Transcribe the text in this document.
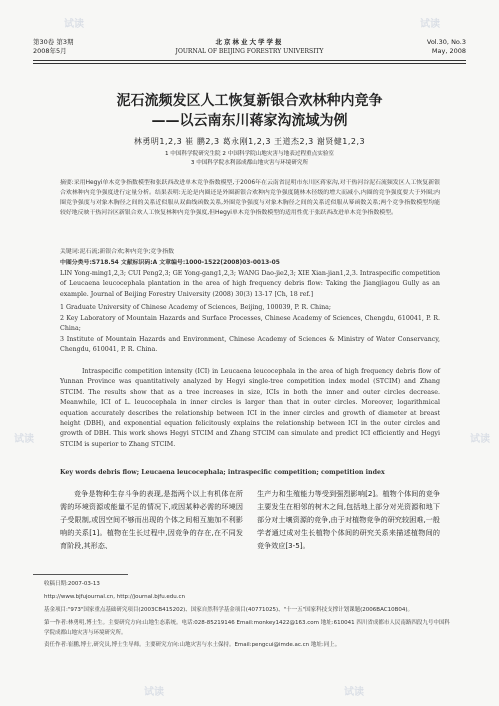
第30卷 第3期
2008年5月
北京林业大学学报
JOURNAL OF BEIJING FORESTRY UNIVERSITY
Vol.30, No.3
May, 2008
泥石流频发区人工恢复新银合欢林种内竞争
——以云南东川蒋家沟流域为例
林勇明1,2,3 崔 鹏2,3 葛永刚1,2,3 王道杰2,3 谢贤健1,2,3
1 中国科学院研究生院 2 中国科学院山地灾害与地表过程重点实验室
3 中国科学院水利部成都山地灾害与环境研究所
摘要:采用Hegyi单木竞争指数模型和张跃西改进单木竞争指数模型,于2006年在云南省昆明市东川区蒋家沟,对干热河谷泥石流频发区人工恢复新银合欢林种内竞争强度进行定量分析。结果表明:无论是内圈还是外圈新银合欢种内竞争强度随林木径级的增大而减小,内圈的竞争强度要大于外圈;内圈竞争强度与对象木胸径之间的关系近似服从双曲线函数关系,外圈竞争强度与对象木胸径之间的关系近似服从幂函数关系;两个竞争指数模型均能较好地反映干热河谷区新银合欢人工恢复林种内竞争强度,但Hegyi单木竞争指数模型的适用性优于张跃西改进单木竞争指数模型。
关键词:泥石流;新银合欢;种内竞争;竞争指数
中图分类号:S718.54 文献标识码:A 文章编号:1000-1522(2008)03-0013-05
LIN Yong-ming1,2,3; CUI Peng2,3; GE Yong-gang1,2,3; WANG Dao-jie2,3; XIE Xian-jian1,2,3. Intraspecific competition of Leucaena leucocephala plantation in the area of high frequency debris flow: Taking the Jiangjiagou Gully as an example. Journal of Beijing Forestry University (2008) 30(3) 13-17 [Ch, 18 ref.]
1 Graduate University of Chinese Academy of Sciences, Beijing, 100039, P. R. China;
2 Key Laboratory of Mountain Hazards and Surface Processes, Chinese Academy of Sciences, Chengdu, 610041, P. R. China;
3 Institute of Mountain Hazards and Environment, Chinese Academy of Sciences & Ministry of Water Conservancy, Chengdu, 610041, P. R. China.
Intraspecific competition intensity (ICI) in Leucaena leucocephala in the area of high frequency debris flow of Yunnan Province was quantitatively analyzed by Hegyi single-tree competition index model (STCIM) and Zhang STCIM. The results show that as a tree increases in size, ICIs in both the inner and outer circles decrease. Meanwhile, ICI of L. leucocephala in inner circles is larger than that in outer circles. Moreover, logarithmical equation accurately describes the relationship between ICI in the inner circles and growth of diameter at breast height (DBH), and exponential equation felicitously explains the relationship between ICI in the outer circles and growth of DBH. This work shows Hegyi STCIM and Zhang STCIM can simulate and predict ICI efficiently and Hegyi STCIM is superior to Zhang STCIM.
Key words debris flow; Leucaena leucocephala; intraspecific competition; competition index
竞争是物种生存斗争的表现,是指两个以上有机体在所需的环境资源或能量不足的情况下,或因某种必需的环境因子受限制,或因空间不够而出现的个体之间相互施加不利影响的关系[1]。植物在生长过程中,因竞争的存在,在不同发育阶段,其形态、
生产力和生殖能力等受到强烈影响[2]。植物个体间的竞争主要发生在相邻的树木之间,包括地上部分对光资源和地下部分对土壤资源的竞争,由于对植物竞争的研究较困难,一般学者通过成对生长植物个体间的研究关系来描述植物间的竞争效应[3-5]。
收稿日期:2007-03-13
http://www.bjfujournal.cn, http://journal.bjfu.edu.cn
基金项目:"973"国家重点基础研究项目(2003CB415202)、国家自然科学基金项目(40771025)、"十一五"国家科技支撑计划课题(2006BAC10B04)。
第一作者:林勇明,博士生。主要研究方向:山地生态系统。电话:028-85219146 Email:monkey1422@163.com 地址:610041 四川省成都市人民南路四段九号中国科学院成都山地灾害与环境研究所。
责任作者:崔鹏,博士,研究员,博士生导师。主要研究方向:山地灾害与水土保持。Email:pengcui@imde.ac.cn 地址:同上。
试读	试读
试读	试读
试读	试读
